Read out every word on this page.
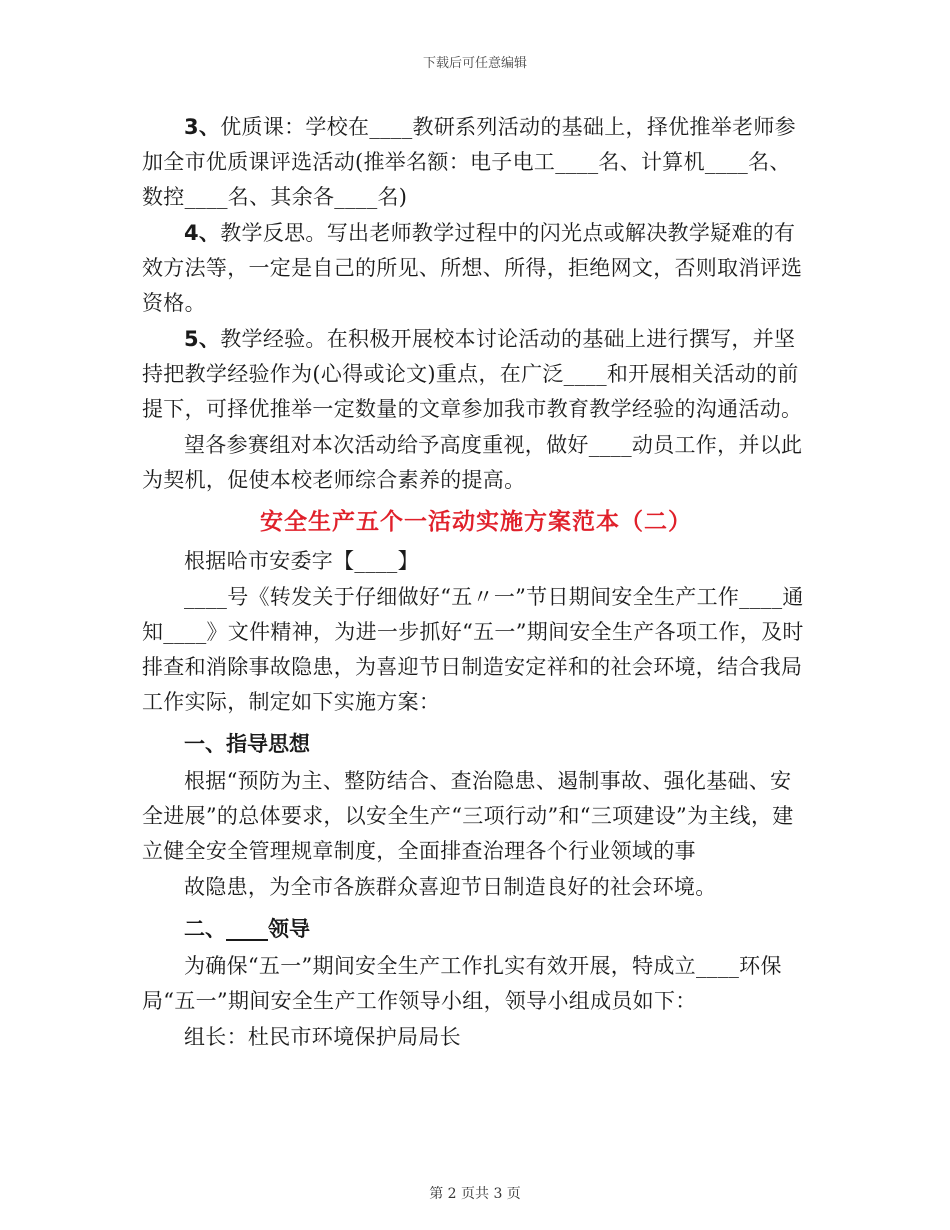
下载后可任意编辑

3、优质课：学校在____教研系列活动的基础上，择优推举老师参加全市优质课评选活动(推举名额：电子电工____名、计算机____名、数控____名、其余各____名)

4、教学反思。写出老师教学过程中的闪光点或解决教学疑难的有效方法等，一定是自己的所见、所想、所得，拒绝网文，否则取消评选资格。

5、教学经验。在积极开展校本讨论活动的基础上进行撰写，并坚持把教学经验作为(心得或论文)重点，在广泛____和开展相关活动的前提下，可择优推举一定数量的文章参加我市教育教学经验的沟通活动。

望各参赛组对本次活动给予高度重视，做好____动员工作，并以此为契机，促使本校老师综合素养的提高。

安全生产五个一活动实施方案范本（二）

根据哈市安委字【____】

____号《转发关于仔细做好“五〃一”节日期间安全生产工作____通知____》文件精神，为进一步抓好“五一”期间安全生产各项工作，及时排查和消除事故隐患，为喜迎节日制造安定祥和的社会环境，结合我局工作实际，制定如下实施方案：

一、指导思想

根据“预防为主、整防结合、查治隐患、遏制事故、强化基础、安全进展”的总体要求，以安全生产“三项行动”和“三项建设”为主线，建立健全安全管理规章制度，全面排查治理各个行业领域的事

故隐患，为全市各族群众喜迎节日制造良好的社会环境。

二、____领导

为确保“五一”期间安全生产工作扎实有效开展，特成立____环保局“五一”期间安全生产工作领导小组，领导小组成员如下：

组长：杜民市环境保护局局长

第 2 页共 3 页
